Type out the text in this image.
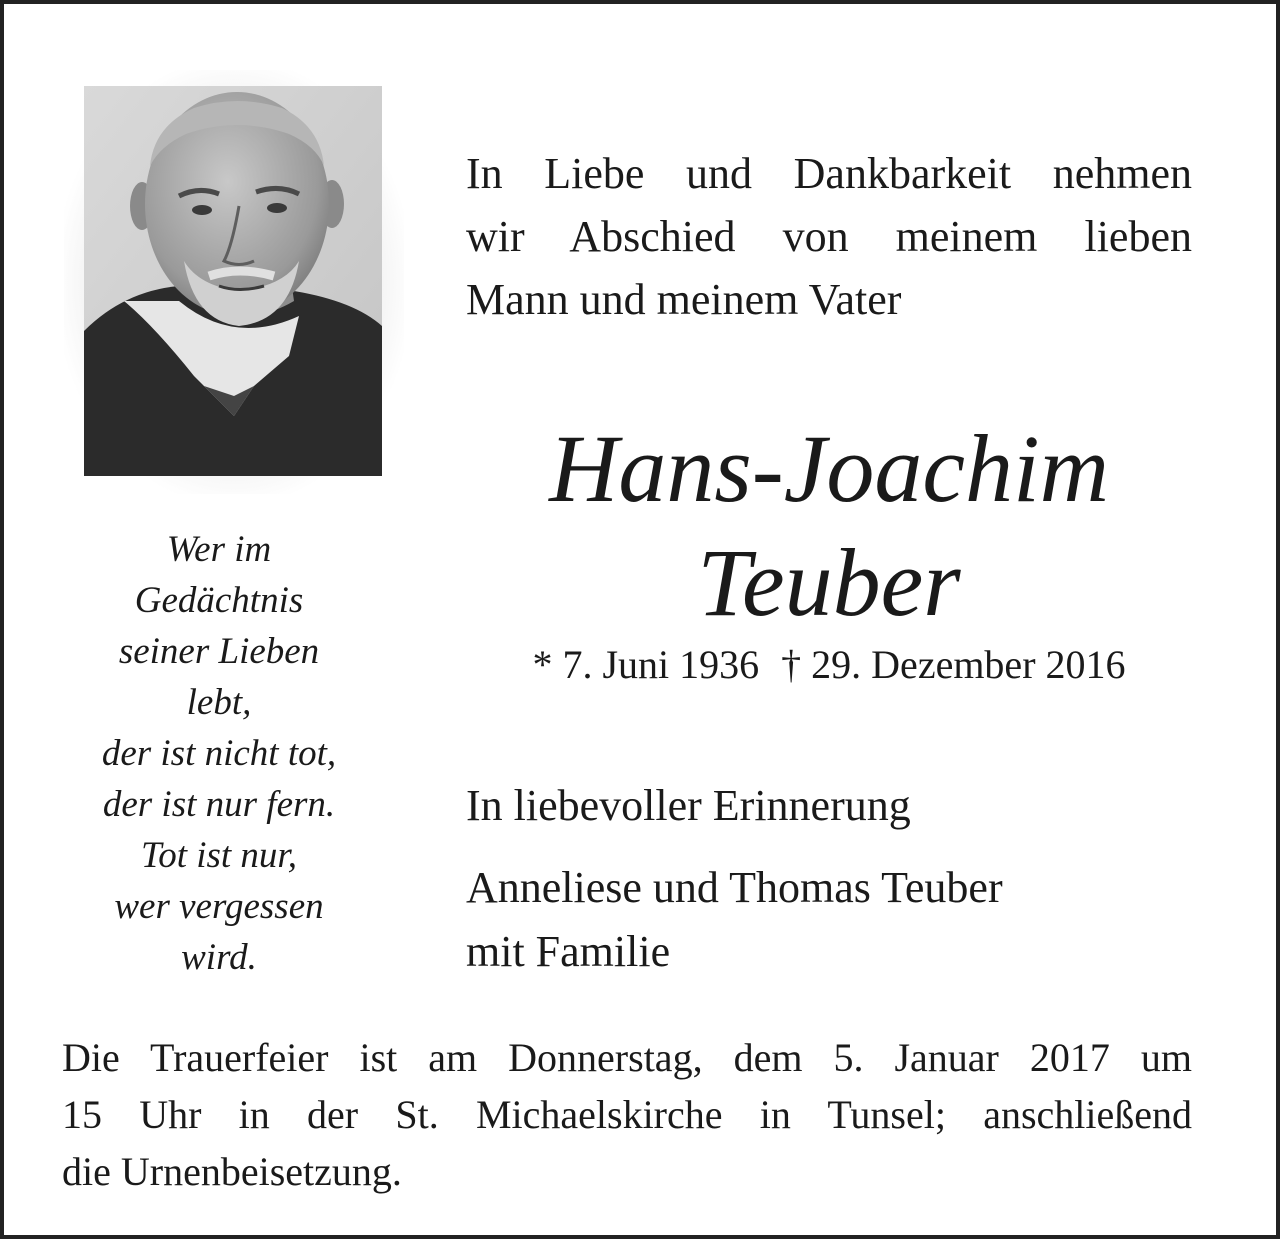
Wer im
Gedächtnis
seiner Lieben
lebt,
der ist nicht tot,
der ist nur fern.
Tot ist nur,
wer vergessen
wird.
In Liebe und Dankbarkeit nehmen
wir Abschied von meinem lieben
Mann und meinem Vater
Hans-Joachim
Teuber
* 7. Juni 1936 † 29. Dezember 2016
In liebevoller Erinnerung
Anneliese und Thomas Teuber
mit Familie
Die Trauerfeier ist am Donnerstag, dem 5. Januar 2017 um
15 Uhr in der St. Michaelskirche in Tunsel; anschließend
die Urnenbeisetzung.
